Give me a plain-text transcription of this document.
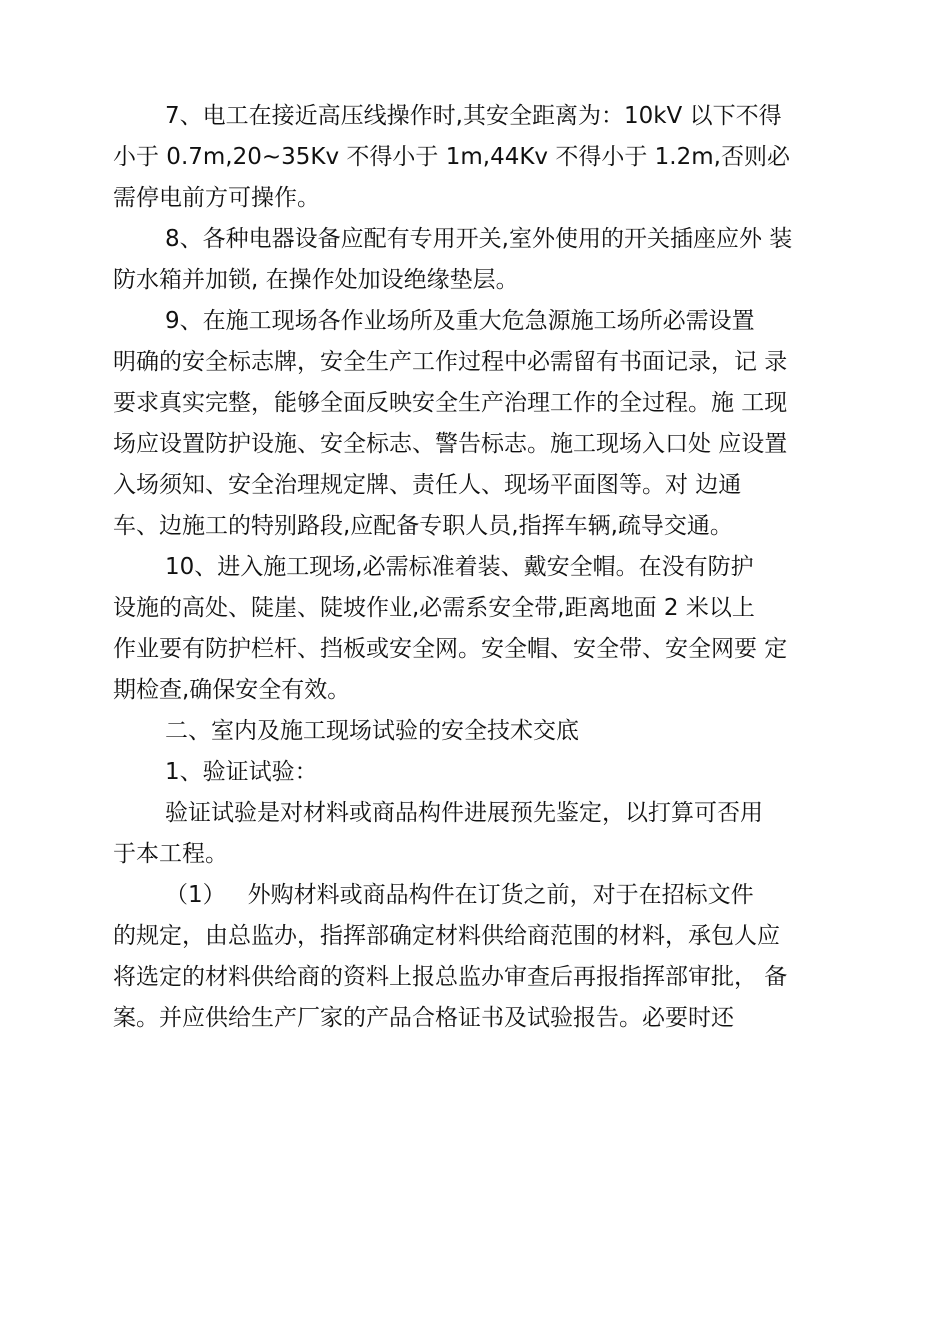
7、电工在接近高压线操作时,其安全距离为：10kV 以下不得
小于 0.7m,20~35Kv 不得小于 1m,44Kv 不得小于 1.2m,否则必
需停电前方可操作。
8、各种电器设备应配有专用开关,室外使用的开关插座应外 装
防水箱并加锁, 在操作处加设绝缘垫层。
9、在施工现场各作业场所及重大危急源施工场所必需设置
明确的安全标志牌，安全生产工作过程中必需留有书面记录，记 录
要求真实完整，能够全面反映安全生产治理工作的全过程。施 工现
场应设置防护设施、安全标志、警告标志。施工现场入口处 应设置
入场须知、安全治理规定牌、责任人、现场平面图等。对 边通
车、边施工的特别路段,应配备专职人员,指挥车辆,疏导交通。
10、进入施工现场,必需标准着装、戴安全帽。在没有防护
设施的高处、陡崖、陡坡作业,必需系安全带,距离地面 2 米以上
作业要有防护栏杆、挡板或安全网。安全帽、安全带、安全网要 定
期检查,确保安全有效。
二、室内及施工现场试验的安全技术交底
1、验证试验：
验证试验是对材料或商品构件进展预先鉴定，以打算可否用
于本工程。
（1）   外购材料或商品构件在订货之前，对于在招标文件
的规定，由总监办，指挥部确定材料供给商范围的材料，承包人应
将选定的材料供给商的资料上报总监办审查后再报指挥部审批， 备
案。并应供给生产厂家的产品合格证书及试验报告。必要时还
